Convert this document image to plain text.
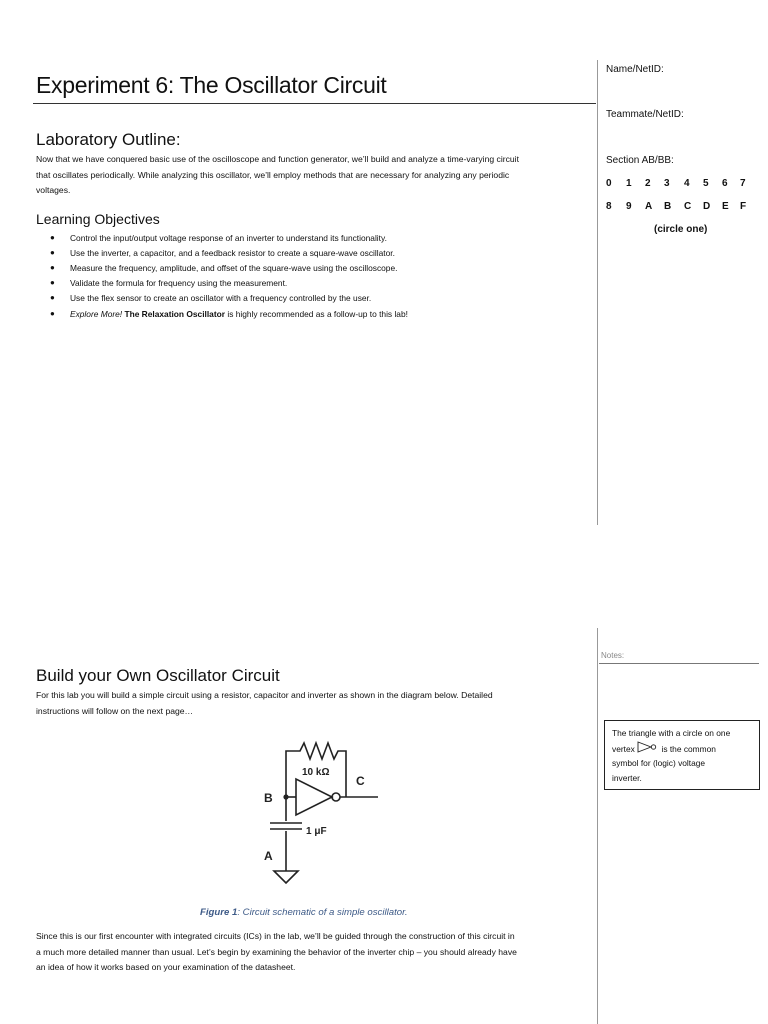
Experiment 6: The Oscillator Circuit
Laboratory Outline:
Now that we have conquered basic use of the oscilloscope and function generator, we’ll build and analyze a time-varying circuit
that oscillates periodically. While analyzing this oscillator, we’ll employ methods that are necessary for analyzing any periodic
voltages.
Learning Objectives
● Control the input/output voltage response of an inverter to understand its functionality.
● Use the inverter, a capacitor, and a feedback resistor to create a square-wave oscillator.
● Measure the frequency, amplitude, and offset of the square-wave using the oscilloscope.
● Validate the formula for frequency using the measurement.
● Use the flex sensor to create an oscillator with a frequency controlled by the user.
● Explore More! The Relaxation Oscillator is highly recommended as a follow-up to this lab!
Name/NetID:
Teammate/NetID:
Section AB/BB:
0 1 2 3 4 5 6 7
8 9 A B C D E F
(circle one)
Notes:
Build your Own Oscillator Circuit
For this lab you will build a simple circuit using a resistor, capacitor and inverter as shown in the diagram below. Detailed
instructions will follow on the next page…
10 kΩ
C
B
1 μF
A
Figure 1: Circuit schematic of a simple oscillator.
Since this is our first encounter with integrated circuits (ICs) in the lab, we’ll be guided through the construction of this circuit in
a much more detailed manner than usual. Let’s begin by examining the behavior of the inverter chip – you should already have
an idea of how it works based on your examination of the datasheet.
The triangle with a circle on one
vertex	is the common
symbol for (logic) voltage
inverter.
